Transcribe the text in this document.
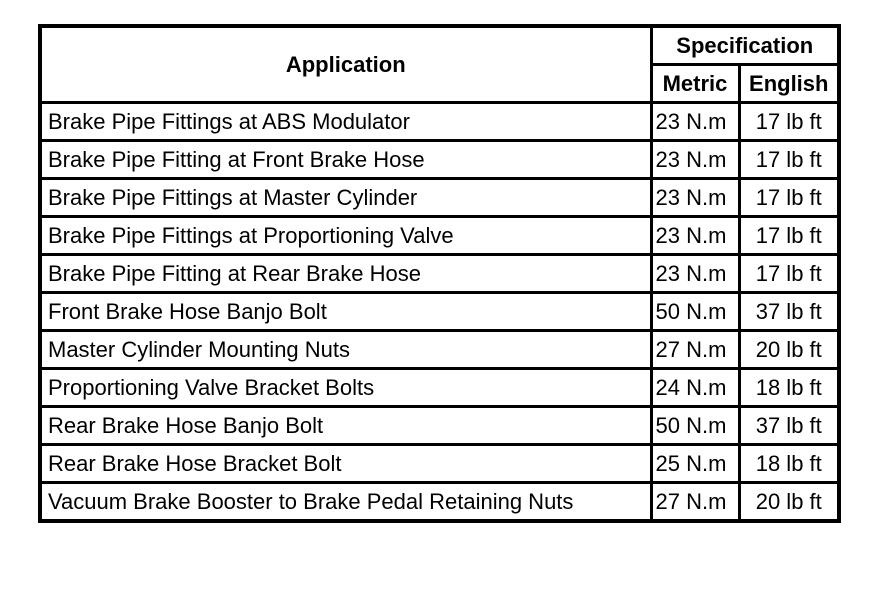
Application	Specification	
	Metric	English
Brake Pipe Fittings at ABS Modulator	23 N.m	17 lb ft
Brake Pipe Fitting at Front Brake Hose	23 N.m	17 lb ft
Brake Pipe Fittings at Master Cylinder	23 N.m	17 lb ft
Brake Pipe Fittings at Proportioning Valve	23 N.m	17 lb ft
Brake Pipe Fitting at Rear Brake Hose	23 N.m	17 lb ft
Front Brake Hose Banjo Bolt	50 N.m	37 lb ft
Master Cylinder Mounting Nuts	27 N.m	20 lb ft
Proportioning Valve Bracket Bolts	24 N.m	18 lb ft
Rear Brake Hose Banjo Bolt	50 N.m	37 lb ft
Rear Brake Hose Bracket Bolt	25 N.m	18 lb ft
Vacuum Brake Booster to Brake Pedal Retaining Nuts	27 N.m	20 lb ft
